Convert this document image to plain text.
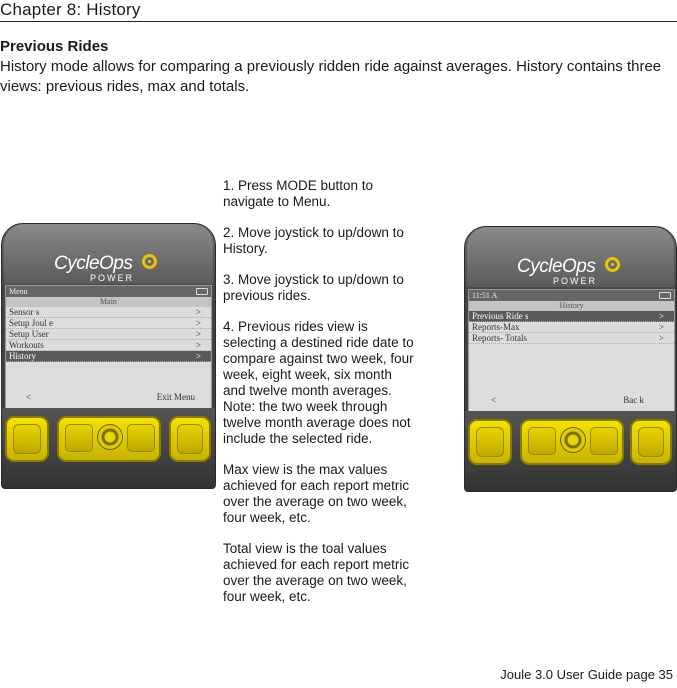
Chapter 8: History
Previous Rides
History mode allows for comparing a previously ridden ride against averages. History contains three views: previous rides, max and totals.
CycleOps
POWER
Menu
Main
Sensor s	>
Setup Joul e	>
Setup User	>
Workouts	>
History	>
<	Exit Menu

1. Press MODE button to navigate to Menu.

2. Move joystick to up/down to History.

3. Move joystick to up/down to previous rides.

4. Previous rides view is selecting a destined ride date to compare against two week, four week, eight week, six month and twelve month averages. Note: the two week through twelve month average does not include the selected ride.

Max view is the max values achieved for each report metric over the average on two week, four week, etc.

Total view is the toal values achieved for each report metric over the average on two week, four week, etc.

CycleOps
POWER
11:51 A
History
Previous Ride s	>
Reports-Max	>
Reports- Totals	>
<	Bac k
Joule 3.0 User Guide page 35
